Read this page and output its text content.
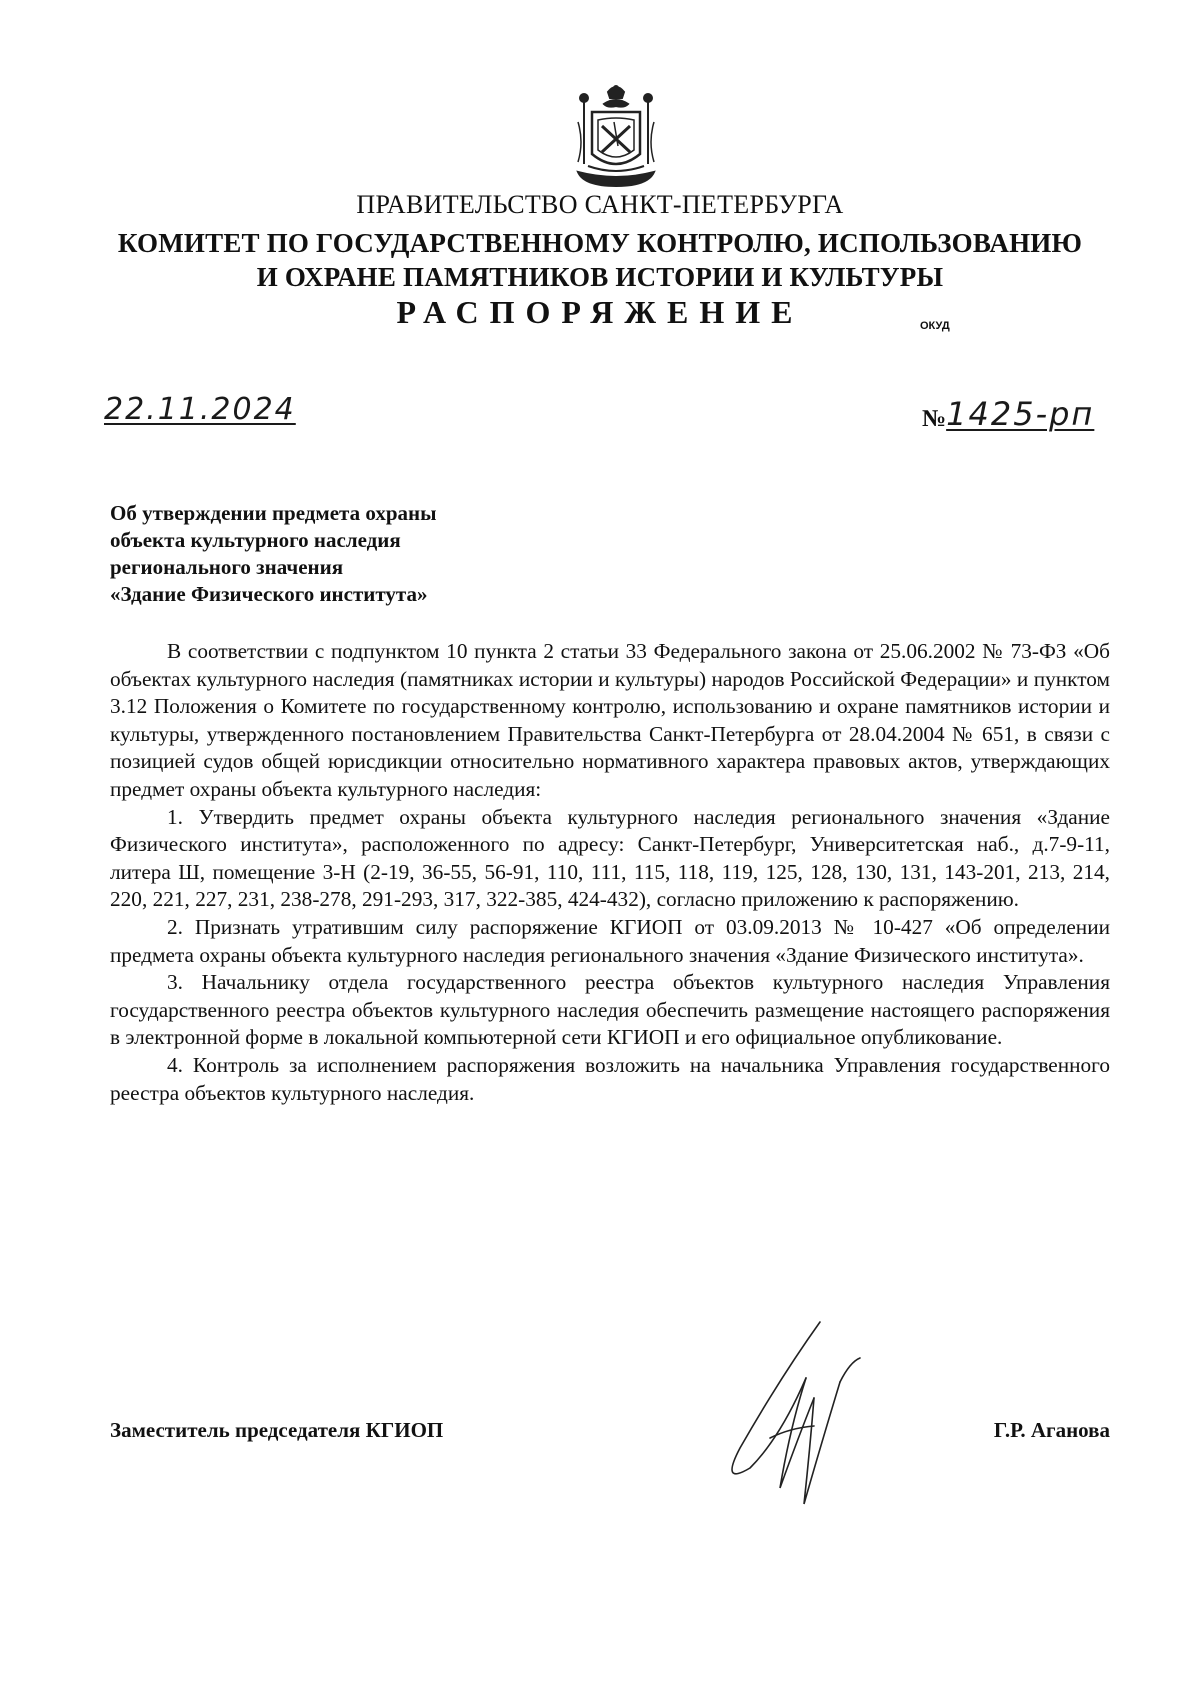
ПРАВИТЕЛЬСТВО САНКТ-ПЕТЕРБУРГА
КОМИТЕТ ПО ГОСУДАРСТВЕННОМУ КОНТРОЛЮ, ИСПОЛЬЗОВАНИЮ
И ОХРАНЕ ПАМЯТНИКОВ ИСТОРИИ И КУЛЬТУРЫ
РАСПОРЯЖЕНИЕ	ОКУД
22.11.2024	№1425-рп
Об утверждении предмета охраны
объекта культурного наследия
регионального значения
«Здание Физического института»

В соответствии с подпунктом 10 пункта 2 статьи 33 Федерального закона от 25.06.2002 № 73-ФЗ «Об объектах культурного наследия (памятниках истории и культуры) народов Российской Федерации» и пунктом 3.12 Положения о Комитете по государственному контролю, использованию и охране памятников истории и культуры, утвержденного постановлением Правительства Санкт-Петербурга от 28.04.2004 № 651, в связи с позицией судов общей юрисдикции относительно нормативного характера правовых актов, утверждающих предмет охраны объекта культурного наследия:

1. Утвердить предмет охраны объекта культурного наследия регионального значения «Здание Физического института», расположенного по адресу: Санкт-Петербург, Университетская наб., д.7-9-11, литера Ш, помещение 3-Н (2-19, 36-55, 56-91, 110, 111, 115, 118, 119, 125, 128, 130, 131, 143-201, 213, 214, 220, 221, 227, 231, 238-278, 291-293, 317, 322-385, 424-432), согласно приложению к распоряжению.

2. Признать утратившим силу распоряжение КГИОП от 03.09.2013 № 10-427 «Об определении предмета охраны объекта культурного наследия регионального значения «Здание Физического института».

3. Начальнику отдела государственного реестра объектов культурного наследия Управления государственного реестра объектов культурного наследия обеспечить размещение настоящего распоряжения в электронной форме в локальной компьютерной сети КГИОП и его официальное опубликование.

4. Контроль за исполнением распоряжения возложить на начальника Управления государственного реестра объектов культурного наследия.

Заместитель председателя КГИОП	Г.Р. Аганова
